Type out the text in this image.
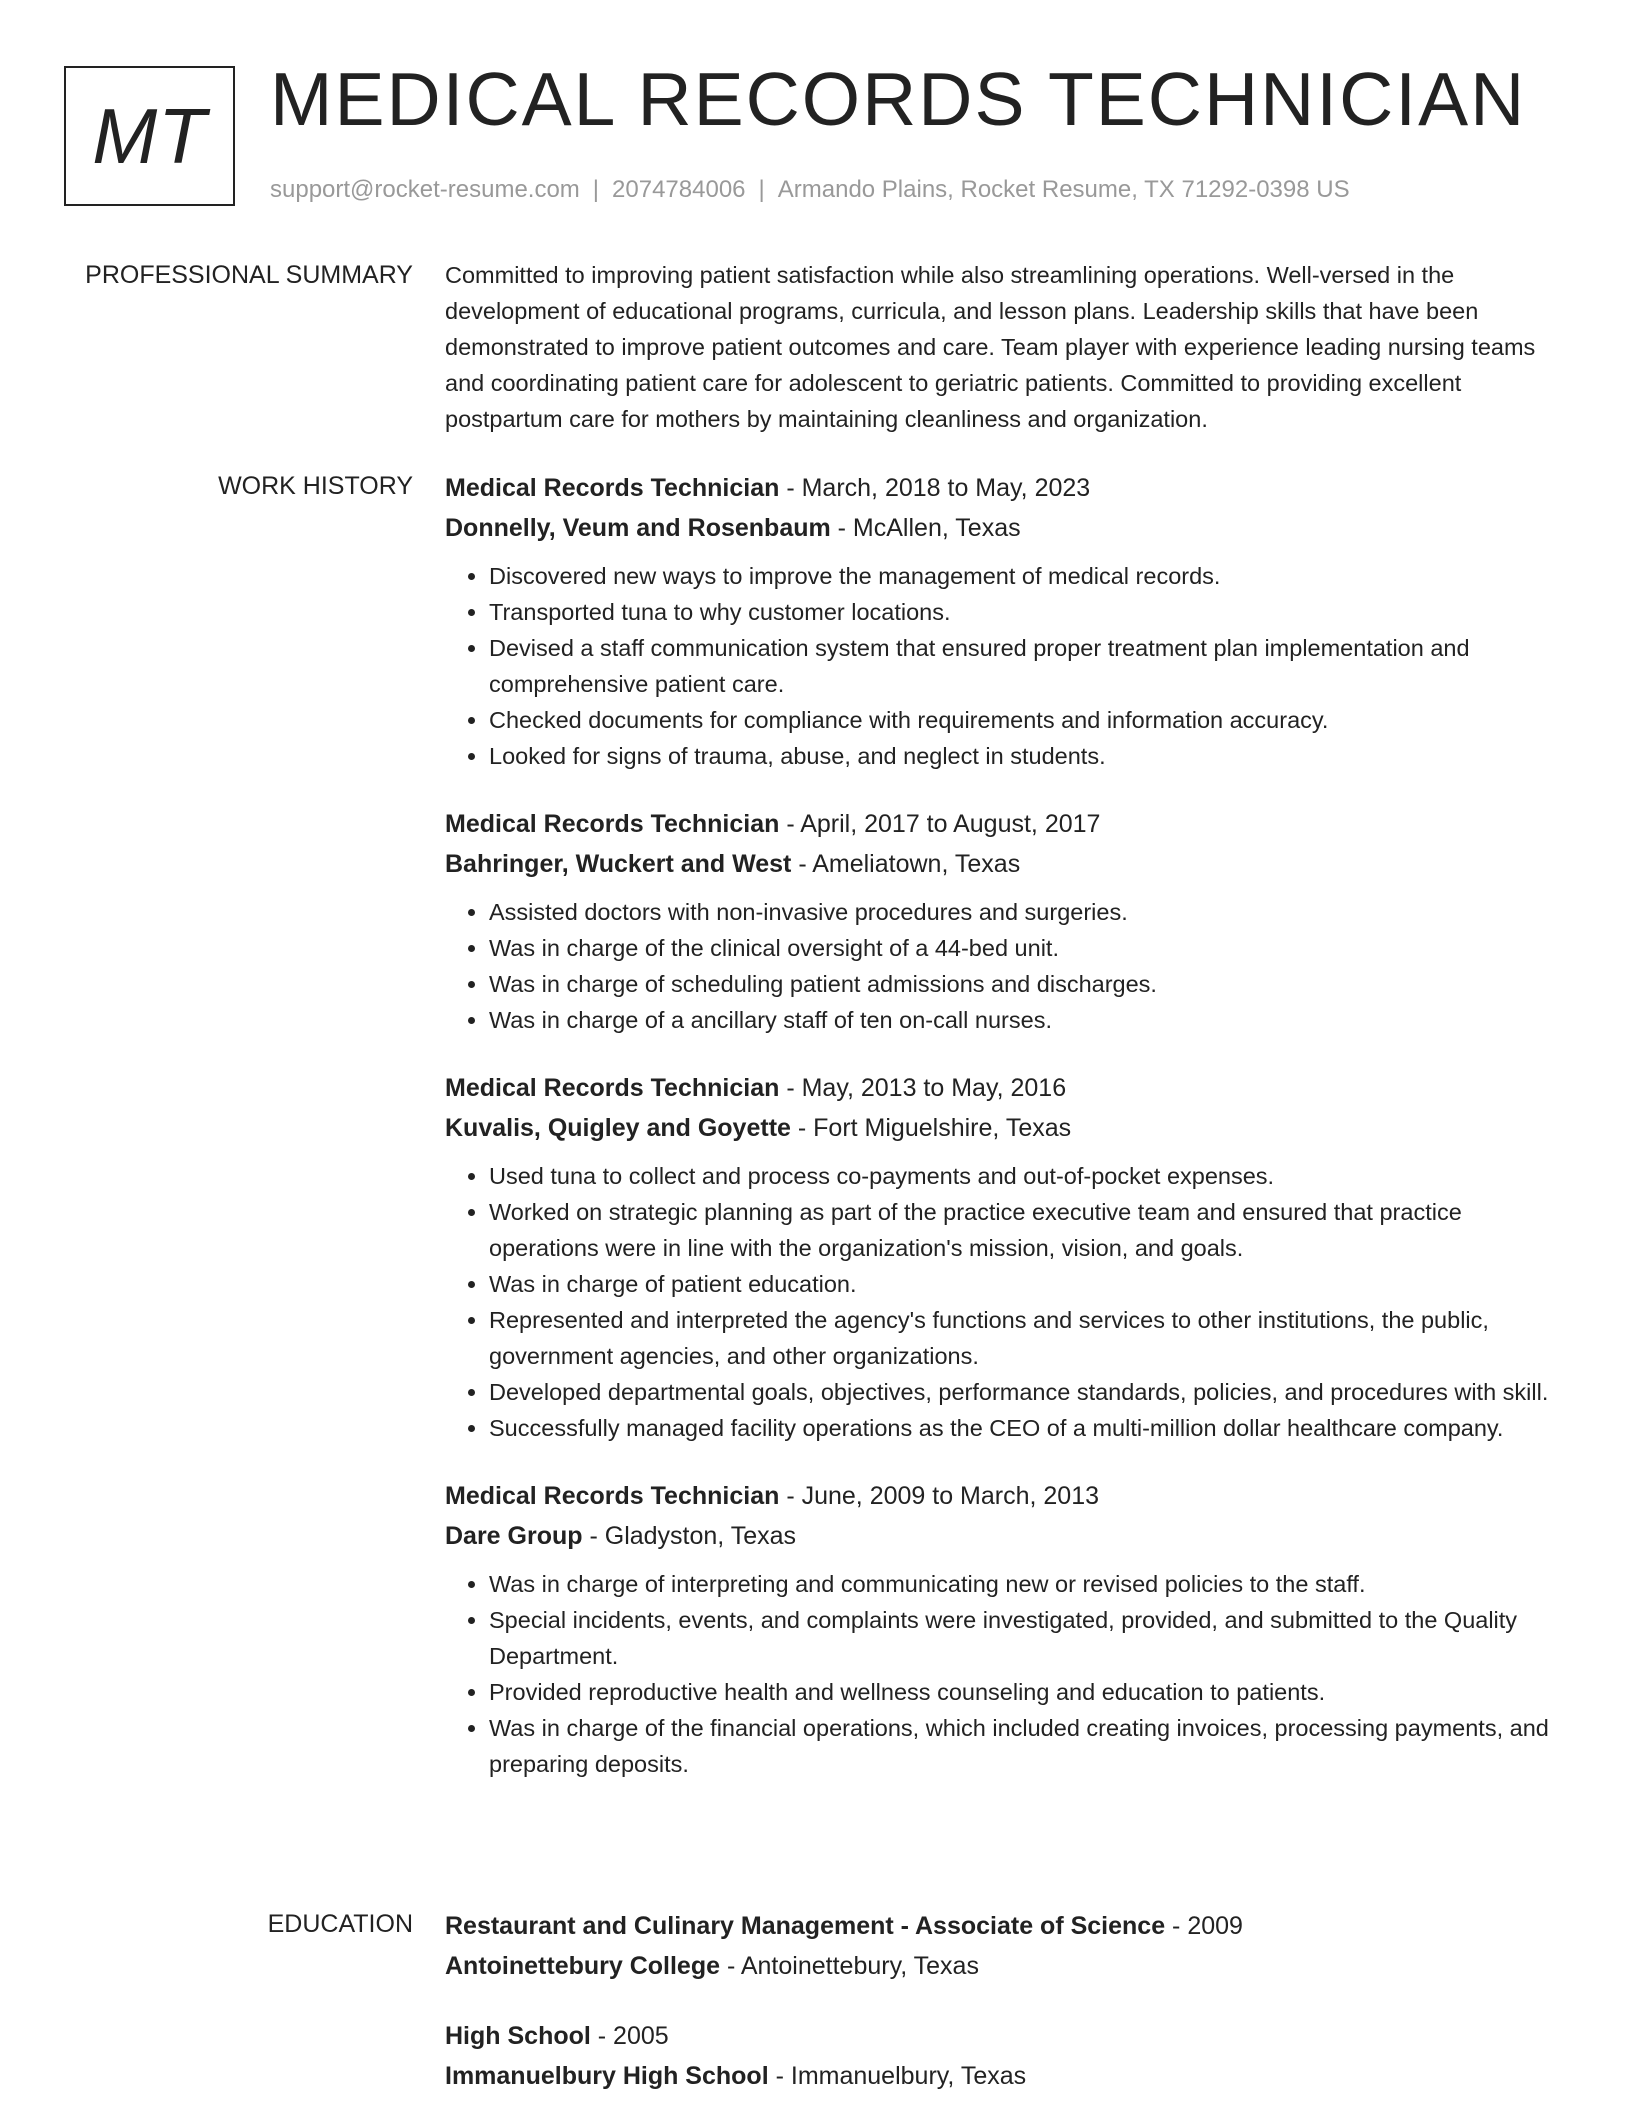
MT MEDICAL RECORDS TECHNICIAN
support@rocket-resume.com | 2074784006 | Armando Plains, Rocket Resume, TX 71292-0398 US
PROFESSIONAL SUMMARY Committed to improving patient satisfaction while also streamlining operations. Well-versed in the development of educational programs, curricula, and lesson plans. Leadership skills that have been demonstrated to improve patient outcomes and care. Team player with experience leading nursing teams and coordinating patient care for adolescent to geriatric patients. Committed to providing excellent postpartum care for mothers by maintaining cleanliness and organization.

WORK HISTORY Medical Records Technician - March, 2018 to May, 2023
Donnelly, Veum and Rosenbaum - McAllen, Texas
• Discovered new ways to improve the management of medical records.
• Transported tuna to why customer locations.
• Devised a staff communication system that ensured proper treatment plan implementation and comprehensive patient care.
• Checked documents for compliance with requirements and information accuracy.
• Looked for signs of trauma, abuse, and neglect in students.
Medical Records Technician - April, 2017 to August, 2017
Bahringer, Wuckert and West - Ameliatown, Texas
• Assisted doctors with non-invasive procedures and surgeries.
• Was in charge of the clinical oversight of a 44-bed unit.
• Was in charge of scheduling patient admissions and discharges.
• Was in charge of a ancillary staff of ten on-call nurses.
Medical Records Technician - May, 2013 to May, 2016
Kuvalis, Quigley and Goyette - Fort Miguelshire, Texas
• Used tuna to collect and process co-payments and out-of-pocket expenses.
• Worked on strategic planning as part of the practice executive team and ensured that practice operations were in line with the organization's mission, vision, and goals.
• Was in charge of patient education.
• Represented and interpreted the agency's functions and services to other institutions, the public, government agencies, and other organizations.
• Developed departmental goals, objectives, performance standards, policies, and procedures with skill.
• Successfully managed facility operations as the CEO of a multi-million dollar healthcare company.
Medical Records Technician - June, 2009 to March, 2013
Dare Group - Gladyston, Texas
• Was in charge of interpreting and communicating new or revised policies to the staff.
• Special incidents, events, and complaints were investigated, provided, and submitted to the Quality Department.
• Provided reproductive health and wellness counseling and education to patients.
• Was in charge of the financial operations, which included creating invoices, processing payments, and preparing deposits.
EDUCATION Restaurant and Culinary Management - Associate of Science - 2009
Antoinettebury College - Antoinettebury, Texas
High School - 2005
Immanuelbury High School - Immanuelbury, Texas
